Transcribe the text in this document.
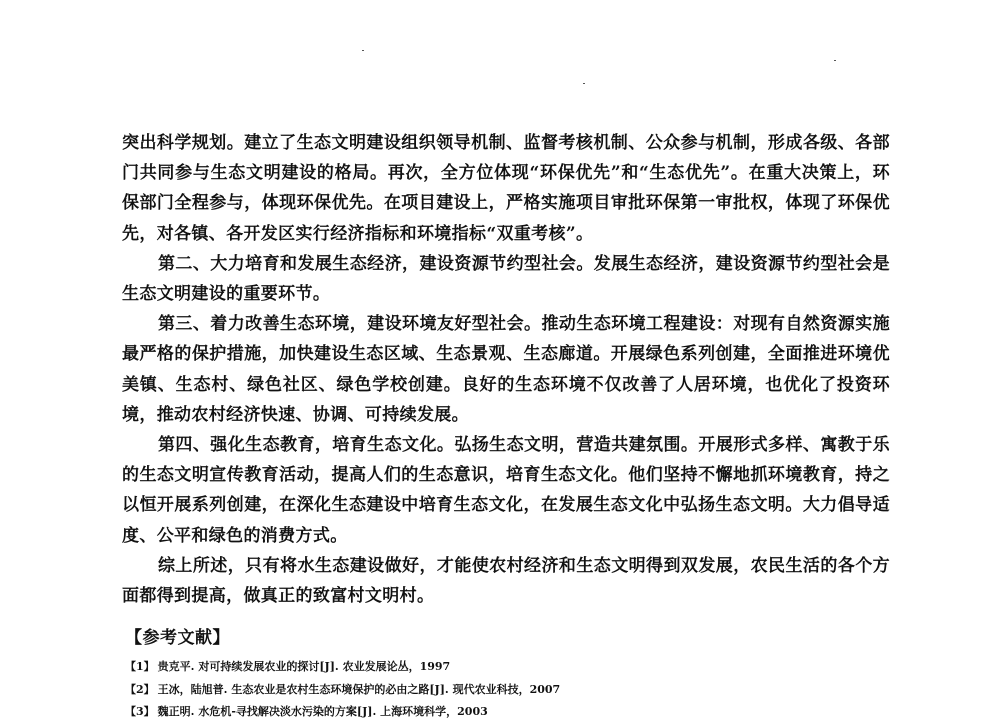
突出科学规划。建立了生态文明建设组织领导机制、监督考核机制、公众参与机制，形成各级、各部门共同参与生态文明建设的格局。再次，全方位体现“环保优先”和“生态优先”。在重大决策上，环保部门全程参与，体现环保优先。在项目建设上，严格实施项目审批环保第一审批权，体现了环保优先，对各镇、各开发区实行经济指标和环境指标“双重考核”。

第二、大力培育和发展生态经济，建设资源节约型社会。发展生态经济，建设资源节约型社会是生态文明建设的重要环节。

第三、着力改善生态环境，建设环境友好型社会。推动生态环境工程建设：对现有自然资源实施最严格的保护措施，加快建设生态区域、生态景观、生态廊道。开展绿色系列创建，全面推进环境优美镇、生态村、绿色社区、绿色学校创建。良好的生态环境不仅改善了人居环境，也优化了投资环境，推动农村经济快速、协调、可持续发展。

第四、强化生态教育，培育生态文化。弘扬生态文明，营造共建氛围。开展形式多样、寓教于乐的生态文明宣传教育活动，提高人们的生态意识，培育生态文化。他们坚持不懈地抓环境教育，持之以恒开展系列创建，在深化生态建设中培育生态文化，在发展生态文化中弘扬生态文明。大力倡导适度、公平和绿色的消费方式。

综上所述，只有将水生态建设做好，才能使农村经济和生态文明得到双发展，农民生活的各个方面都得到提高，做真正的致富村文明村。

【参考文献】
【1】 贵克平. 对可持续发展农业的探讨[J]. 农业发展论丛，1997
【2】 王冰，陆旭普. 生态农业是农村生态环境保护的必由之路[J]. 现代农业科技，2007
【3】 魏正明. 水危机-寻找解决淡水污染的方案[J]. 上海环境科学，2003
